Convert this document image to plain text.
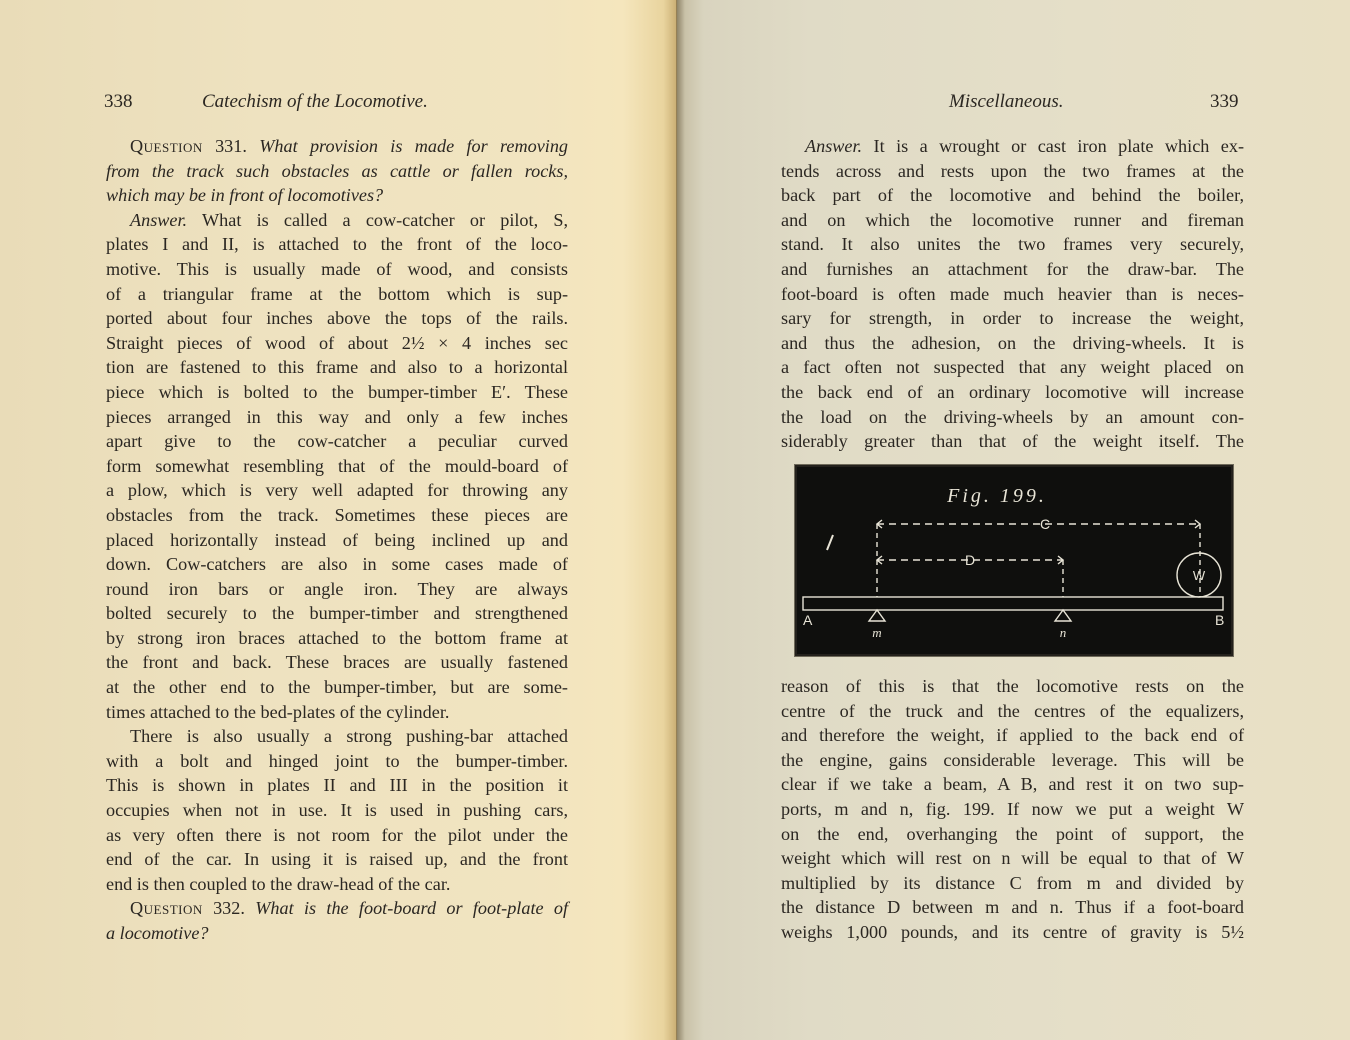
338	Catechism of the Locomotive.
Question 331. What provision is made for removing
from the track such obstacles as cattle or fallen rocks,
which may be in front of locomotives?
Answer. What is called a cow-catcher or pilot, S,
plates I and II, is attached to the front of the loco-
motive. This is usually made of wood, and consists
of a triangular frame at the bottom which is sup-
ported about four inches above the tops of the rails.
Straight pieces of wood of about 2½ × 4 inches sec
tion are fastened to this frame and also to a horizontal
piece which is bolted to the bumper-timber E′. These
pieces arranged in this way and only a few inches
apart give to the cow-catcher a peculiar curved
form somewhat resembling that of the mould-board of
a plow, which is very well adapted for throwing any
obstacles from the track. Sometimes these pieces are
placed horizontally instead of being inclined up and
down. Cow-catchers are also in some cases made of
round iron bars or angle iron. They are always
bolted securely to the bumper-timber and strengthened
by strong iron braces attached to the bottom frame at
the front and back. These braces are usually fastened
at the other end to the bumper-timber, but are some-
times attached to the bed-plates of the cylinder.
There is also usually a strong pushing-bar attached
with a bolt and hinged joint to the bumper-timber.
This is shown in plates II and III in the position it
occupies when not in use. It is used in pushing cars,
as very often there is not room for the pilot under the
end of the car. In using it is raised up, and the front
end is then coupled to the draw-head of the car.
Question 332. What is the foot-board or foot-plate of
a locomotive?
Miscellaneous.	339
Answer. It is a wrought or cast iron plate which ex-
tends across and rests upon the two frames at the
back part of the locomotive and behind the boiler,
and on which the locomotive runner and fireman
stand. It also unites the two frames very securely,
and furnishes an attachment for the draw-bar. The
foot-board is often made much heavier than is neces-
sary for strength, in order to increase the weight,
and thus the adhesion, on the driving-wheels. It is
a fact often not suspected that any weight placed on
the back end of an ordinary locomotive will increase
the load on the driving-wheels by an amount con-
siderably greater than that of the weight itself. The
Fig. 199.
C
D
W
A	B
m	n
reason of this is that the locomotive rests on the
centre of the truck and the centres of the equalizers,
and therefore the weight, if applied to the back end of
the engine, gains considerable leverage. This will be
clear if we take a beam, A B, and rest it on two sup-
ports, m and n, fig. 199. If now we put a weight W
on the end, overhanging the point of support, the
weight which will rest on n will be equal to that of W
multiplied by its distance C from m and divided by
the distance D between m and n. Thus if a foot-board
weighs 1,000 pounds, and its centre of gravity is 5½
